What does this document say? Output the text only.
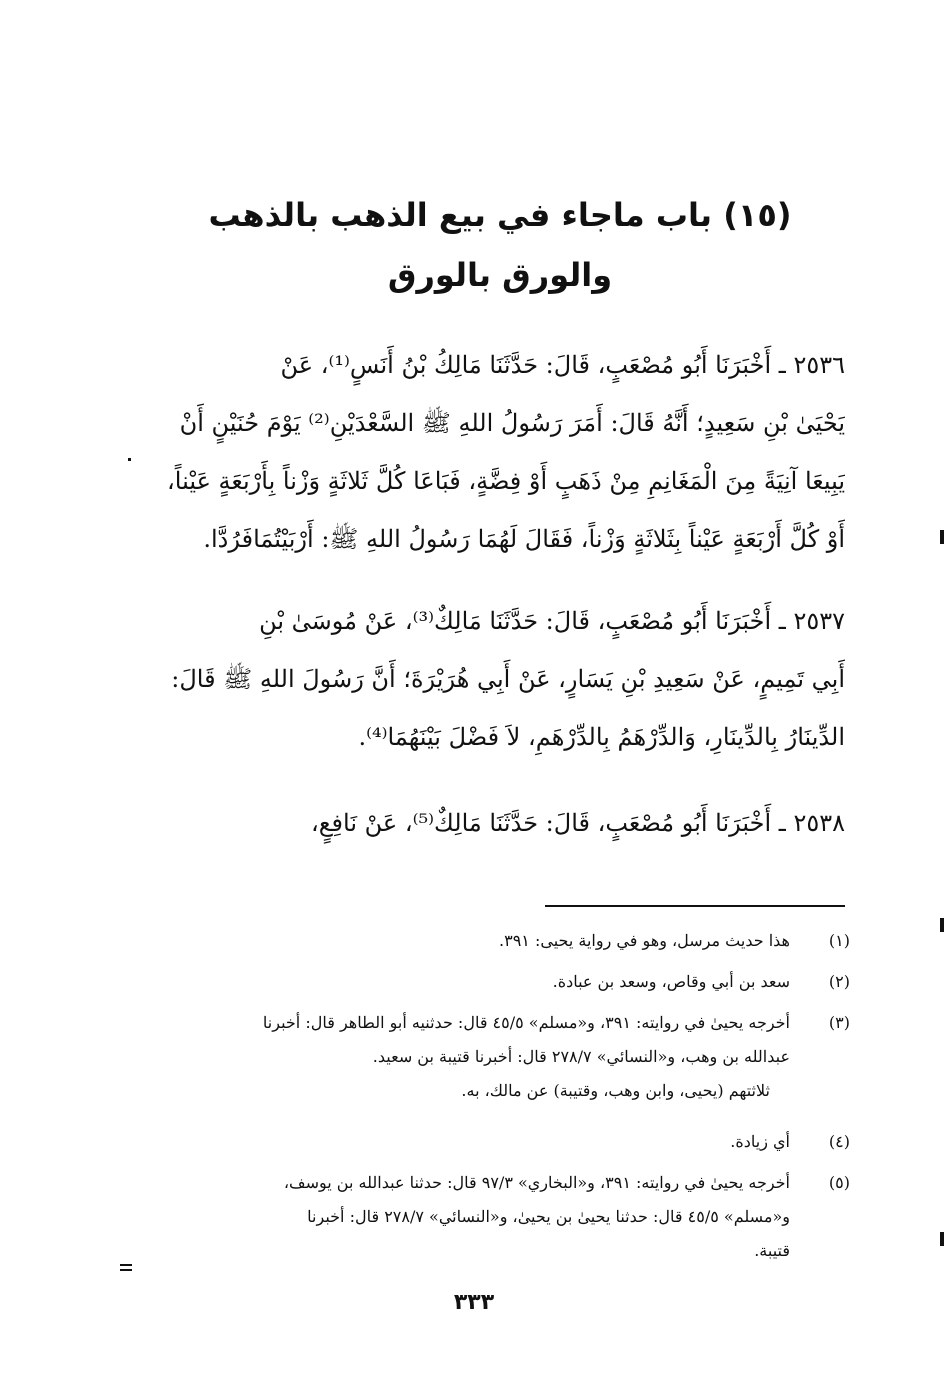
(١٥) باب ماجاء في بيع الذهب بالذهب
والورق بالورق
٢٥٣٦ ـ أَخْبَرَنَا أَبُو مُصْعَبٍ، قَالَ: حَدَّثَنَا مَالِكُ بْنُ أَنَسٍ⁽¹⁾، عَنْ
يَحْيَىٰ بْنِ سَعِيدٍ؛ أَنَّهُ قَالَ: أَمَرَ رَسُولُ اللهِ ﷺ السَّعْدَيْنِ⁽²⁾ يَوْمَ حُنَيْنٍ أَنْ
يَبِيعَا آنِيَةً مِنَ الْمَغَانِمِ مِنْ ذَهَبٍ أَوْ فِضَّةٍ، فَبَاعَا كُلَّ ثَلاثَةٍ وَزْناً بِأَرْبَعَةٍ عَيْناً،
أَوْ كُلَّ أَرْبَعَةٍ عَيْناً بِثَلاثَةٍ وَزْناً، فَقَالَ لَهُمَا رَسُولُ اللهِ ﷺ: أَرْبَيْتُمَافَرُدَّا.
٢٥٣٧ ـ أَخْبَرَنَا أَبُو مُصْعَبٍ، قَالَ: حَدَّثَنَا مَالِكٌ⁽³⁾، عَنْ مُوسَىٰ بْنِ
أَبِي تَمِيمٍ، عَنْ سَعِيدِ بْنِ يَسَارٍ، عَنْ أَبِي هُرَيْرَةَ؛ أَنَّ رَسُولَ اللهِ ﷺ قَالَ:
الدِّينَارُ بِالدِّينَارِ، وَالدِّرْهَمُ بِالدِّرْهَمِ، لاَ فَضْلَ بَيْنَهُمَا⁽⁴⁾.
٢٥٣٨ ـ أَخْبَرَنَا أَبُو مُصْعَبٍ، قَالَ: حَدَّثَنَا مَالِكٌ⁽⁵⁾، عَنْ نَافِعٍ،
(١)
هذا حديث مرسل، وهو في رواية يحيى: ٣٩١.
(٢)
سعد بن أبي وقاص، وسعد بن عبادة.
(٣)
أخرجه يحيىٰ في روايته: ٣٩١، و«مسلم» ٤٥/٥ قال: حدثنيه أبو الطاهر قال: أخبرنا
عبدالله بن وهب، و«النسائي» ٢٧٨/٧ قال: أخبرنا قتيبة بن سعيد.
ثلاثتهم (يحيى، وابن وهب، وقتيبة) عن مالك، به.
(٤)
أي زيادة.
(٥)
أخرجه يحيىٰ في روايته: ٣٩١، و«البخاري» ٩٧/٣ قال: حدثنا عبدالله بن يوسف،
و«مسلم» ٤٥/٥ قال: حدثنا يحيىٰ بن يحيىٰ، و«النسائي» ٢٧٨/٧ قال: أخبرنا
قتيبة.
٣٣٣
